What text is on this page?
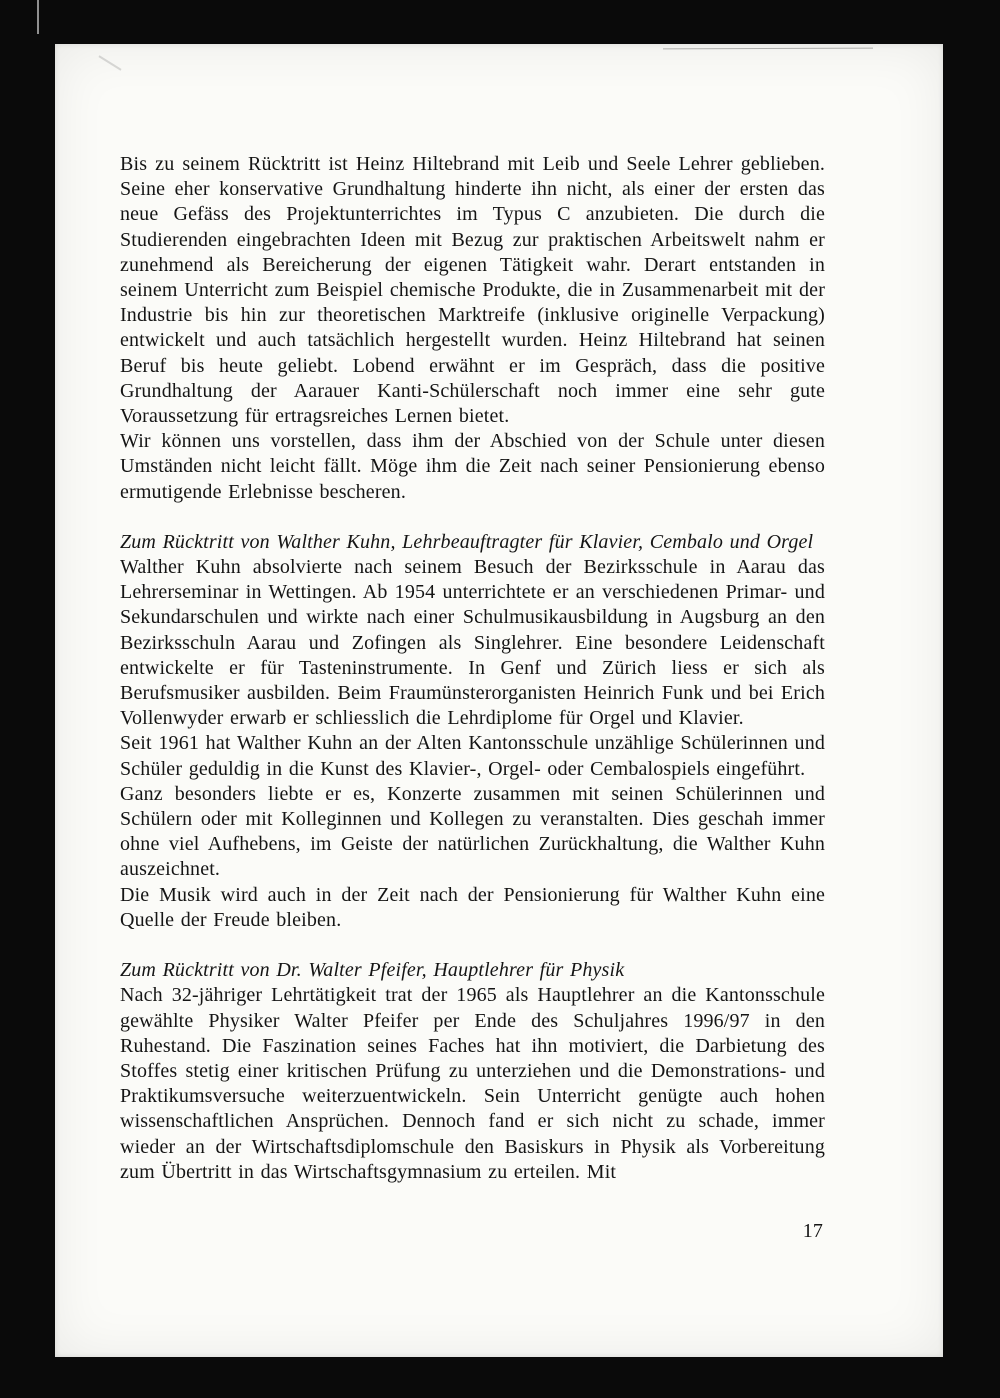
Bis zu seinem Rücktritt ist Heinz Hiltebrand mit Leib und Seele Lehrer geblieben. Seine eher konservative Grundhaltung hinderte ihn nicht, als einer der ersten das neue Gefäss des Projektunterrichtes im Typus C anzubieten. Die durch die Studierenden eingebrachten Ideen mit Bezug zur praktischen Arbeitswelt nahm er zunehmend als Bereicherung der eigenen Tätigkeit wahr. Derart entstanden in seinem Unterricht zum Beispiel chemische Produkte, die in Zusammenarbeit mit der Industrie bis hin zur theoretischen Marktreife (inklusive originelle Verpackung) entwickelt und auch tatsächlich hergestellt wurden. Heinz Hiltebrand hat seinen Beruf bis heute geliebt. Lobend erwähnt er im Gespräch, dass die positive Grundhaltung der Aarauer Kanti-Schülerschaft noch immer eine sehr gute Voraussetzung für ertragsreiches Lernen bietet.

Wir können uns vorstellen, dass ihm der Abschied von der Schule unter diesen Umständen nicht leicht fällt. Möge ihm die Zeit nach seiner Pensionierung ebenso ermutigende Erlebnisse bescheren.

Zum Rücktritt von Walther Kuhn, Lehrbeauftragter für Klavier, Cembalo und Orgel

Walther Kuhn absolvierte nach seinem Besuch der Bezirksschule in Aarau das Lehrerseminar in Wettingen. Ab 1954 unterrichtete er an verschiedenen Primar- und Sekundarschulen und wirkte nach einer Schulmusikausbildung in Augsburg an den Bezirksschuln Aarau und Zofingen als Singlehrer. Eine besondere Leidenschaft entwickelte er für Tasteninstrumente. In Genf und Zürich liess er sich als Berufsmusiker ausbilden. Beim Fraumünsterorganisten Heinrich Funk und bei Erich Vollenwyder erwarb er schliesslich die Lehrdiplome für Orgel und Klavier.

Seit 1961 hat Walther Kuhn an der Alten Kantonsschule unzählige Schülerinnen und Schüler geduldig in die Kunst des Klavier-, Orgel- oder Cembalospiels eingeführt.

Ganz besonders liebte er es, Konzerte zusammen mit seinen Schülerinnen und Schülern oder mit Kolleginnen und Kollegen zu veranstalten. Dies geschah immer ohne viel Aufhebens, im Geiste der natürlichen Zurückhaltung, die Walther Kuhn auszeichnet.

Die Musik wird auch in der Zeit nach der Pensionierung für Walther Kuhn eine Quelle der Freude bleiben.

Zum Rücktritt von Dr. Walter Pfeifer, Hauptlehrer für Physik

Nach 32-jähriger Lehrtätigkeit trat der 1965 als Hauptlehrer an die Kantonsschule gewählte Physiker Walter Pfeifer per Ende des Schuljahres 1996/97 in den Ruhestand. Die Faszination seines Faches hat ihn motiviert, die Darbietung des Stoffes stetig einer kritischen Prüfung zu unterziehen und die Demonstrations- und Praktikumsversuche weiterzuentwickeln. Sein Unterricht genügte auch hohen wissenschaftlichen Ansprüchen. Dennoch fand er sich nicht zu schade, immer wieder an der Wirtschaftsdiplomschule den Basiskurs in Physik als Vorbereitung zum Übertritt in das Wirtschaftsgymnasium zu erteilen. Mit

17
